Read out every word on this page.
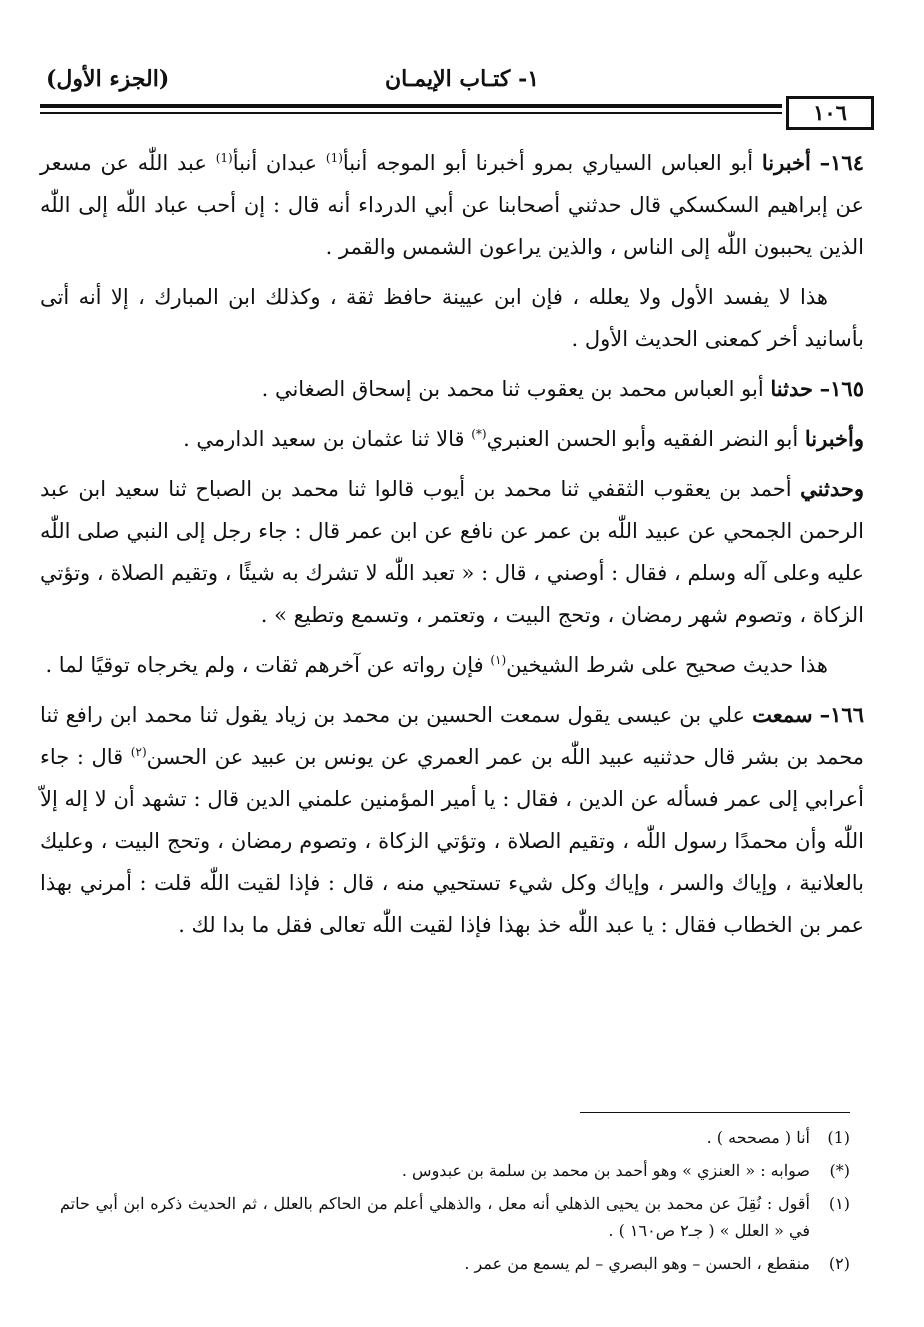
١- كتـاب الإيمـان
(الجزء الأول)
١٠٦

١٦٤– أخبرنا أبو العباس السياري بمرو أخبرنا أبو الموجه أنبأ$^{(1)}$ عبدان أنبأ$^{(1)}$ عبد اللّٰه عن مسعر عن إبراهيم السكسكي قال حدثني أصحابنا عن أبي الدرداء أنه قال : إن أحب عباد اللّٰه إلى اللّٰه الذين يحببون اللّٰه إلى الناس ، والذين يراعون الشمس والقمر .

هذا لا يفسد الأول ولا يعلله ، فإن ابن عيينة حافظ ثقة ، وكذلك ابن المبارك ، إلا أنه أتى بأسانيد أخر كمعنى الحديث الأول .

١٦٥– حدثنا أبو العباس محمد بن يعقوب ثنا محمد بن إسحاق الصغاني .

وأخبرنا أبو النضر الفقيه وأبو الحسن العنبري(*) قالا ثنا عثمان بن سعيد الدارمي .

وحدثني أحمد بن يعقوب الثقفي ثنا محمد بن أيوب قالوا ثنا محمد بن الصباح ثنا سعيد ابن عبد الرحمن الجمحي عن عبيد اللّٰه بن عمر عن نافع عن ابن عمر قال : جاء رجل إلى النبي صلى اللّٰه عليه وعلى آله وسلم ، فقال : أوصني ، قال : « تعبد اللّٰه لا تشرك به شيئًا ، وتقيم الصلاة ، وتؤتي الزكاة ، وتصوم شهر رمضان ، وتحج البيت ، وتعتمر ، وتسمع وتطيع » .

هذا حديث صحيح على شرط الشيخين$^{(١)}$ فإن رواته عن آخرهم ثقات ، ولم يخرجاه توقيًا لما .

١٦٦– سمعت علي بن عيسى يقول سمعت الحسين بن محمد بن زياد يقول ثنا محمد ابن رافع ثنا محمد بن بشر قال حدثنيه عبيد اللّٰه بن عمر العمري عن يونس بن عبيد عن الحسن$^{(٢)}$ قال : جاء أعرابي إلى عمر فسأله عن الدين ، فقال : يا أمير المؤمنين علمني الدين قال : تشهد أن لا إله إلاّ اللّٰه وأن محمدًا رسول اللّٰه ، وتقيم الصلاة ، وتؤتي الزكاة ، وتصوم رمضان ، وتحج البيت ، وعليك بالعلانية ، وإياك والسر ، وإياك وكل شيء تستحيي منه ، قال : فإذا لقيت اللّٰه قلت : أمرني بهذا عمر بن الخطاب فقال : يا عبد اللّٰه خذ بهذا فإذا لقيت اللّٰه تعالى فقل ما بدا لك .

(1)
أنا ( مصححه ) .
(*)
صوابه : « العنزي » وهو أحمد بن محمد بن سلمة بن عبدوس .
(١)
أقول : نُقِلَ عن محمد بن يحيى الذهلي أنه معل ، والذهلي أعلم من الحاكم بالعلل ، ثم الحديث ذكره ابن أبي حاتم في « العلل » ( جـ٢ ص١٦٠ ) .
(٢)
منقطع ، الحسن – وهو البصري – لم يسمع من عمر .
